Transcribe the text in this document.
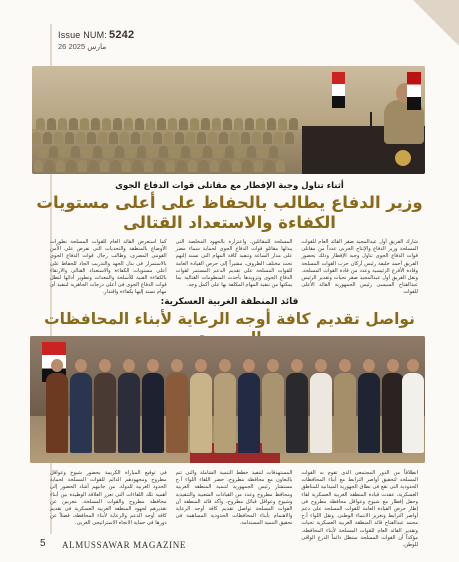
Issue NUM: 5242
26 مارس 2025
أثناء تناول وجبة الإفطار مع مقاتلى قوات الدفاع الجوى
وزير الدفاع يطالب بالحفاظ على أعلى مستويات الكفاءة والاستعداد القتالى
شارك الفريق أول عبدالمجيد صقر القائد العام للقوات المسلحة وزير الدفاع والإنتاج الحربى عدداً من مقاتلى قوات الدفاع الجوى تناول وجبة الإفطار وذلك بحضور الفريق أحمد خليفة رئيس أركان حرب القوات المسلحة وقادة الأفرع الرئيسية وعدد من قادة القوات المسلحة. ونقل الفريق أول عبدالمجيد صقر تحيات وتقدير الرئيس عبدالفتاح السيسى رئيس الجمهورية القائد الأعلى للقوات
المسلحة للمقاتلين، واعتزازه بالجهود المخلصة التى يبذلها مقاتلو قوات الدفاع الجوى لحماية سماء مصر على مدار الساعة وتنفيذ كافة المهام التى تسند إليهم تحت مختلف الظروف، مشيراً إلى حرص القيادة العامة للقوات المسلحة على تقديم الدعم المستمر لقوات الدفاع الجوى وتزويدها بأحدث المنظومات القتالية بما يمكنها من تنفيذ المهام المكلفة بها على أكمل وجه.
كما استعرض القائد العام للقوات المسلحة تطورات الأوضاع بالمنطقة والتحديات التى تفرض على الأمن القومى المصرى، وطالب رجال قوات الدفاع الجوى بالاستمرار فى بذل الجهد والتدريب الجاد للحفاظ على أعلى مستويات الكفاءة والاستعداد القتالى والارتقاء بالكفاءة الفنية للأسلحة والمعدات وتطوير أدائها لتظل قوات الدفاع الجوى فى أعلى درجات الجاهزية لتنفيذ أى مهام تسند إليها بكفاءة واقتدار.
قائد المنطقة الغربية العسكرية:
نواصل تقديم كافة أوجه الرعاية لأبناء المحافظات
انطلاقاً من الدور المجتمعى الذى تقوم به القوات المسلحة لتحقيق أواصر الترابط مع أبناء المحافظات الحدودية التى تقع فى نطاق الجهوزية الميدانية للمناطق العسكرية، عقدت قيادة المنطقة الغربية العسكرية لقاء وحفل إفطار مع شيوخ وعواقل محافظة مطروح فى إطار حرص القيادة العامة للقوات المسلحة على دعم أواصر الترابط وتعزيز الانتماء الوطنى. ونقل اللواء أ.ح محمد عبدالفتاح قائد المنطقة الغربية العسكرية تحيات وتقدير القائد العام للقوات المسلحة لأبناء المحافظة، مؤكداً أن القوات المسلحة ستظل دائماً الدرع الواقى للوطن.
المستهدفات لتنفيذ خطط التنمية الشاملة والتى تتم بالتعاون مع محافظة مطروح، حضر اللقاء اللواء أ.ح مستشار رئيس الجمهورية لتنمية المنطقة الغربية ومحافظ مطروح وعدد من القيادات الشعبية والتنفيذية وشيوخ وعواقل قبائل مطروح، وأكد قائد المنطقة أن القوات المسلحة تواصل تقديم كافة أوجه الرعاية والاهتمام بأبناء المحافظات الحدودية المساهمة فى تحقيق التنمية المستدامة.
فى توقيع المباراة الكريمة بحضور شيوخ وعواقل مطروح ومجهودهم الدائم للقوات المسلحة لحماية الحدود الغربية للدولة. من جانبهم أشاد الحضور إلى أهمية تلك اللقاءات التى تعزز العلاقة الوطيدة بين أبناء محافظة مطروح والقوات المسلحة، معربين عن تقديرهم لجهود المنطقة الغربية العسكرية فى تقديم كافة أوجه الدعم والرعاية لأبناء المحافظة، فضلاً عن دورها فى حماية الاتجاه الاستراتيجى الغربى.
5 ALMUSSAWAR MAGAZINE
